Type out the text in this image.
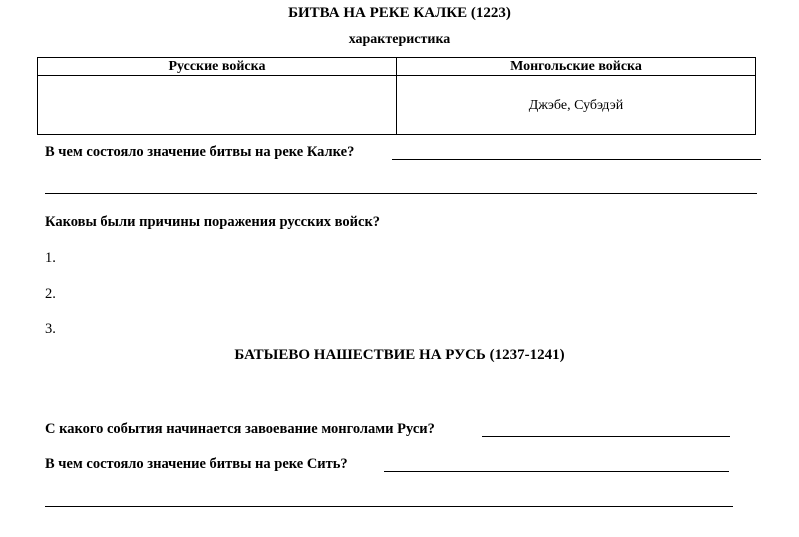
БИТВА НА РЕКЕ КАЛКЕ (1223)
характеристика
Русские войска	Монгольские войска
	Джэбе, Субэдэй
В чем состояло значение битвы на реке Калке?
Каковы были причины поражения русских войск?
1.
2.
3.
БАТЫЕВО НАШЕСТВИЕ НА РУСЬ (1237-1241)
С какого события начинается завоевание монголами Руси?
В чем состояло значение битвы на реке Сить?
